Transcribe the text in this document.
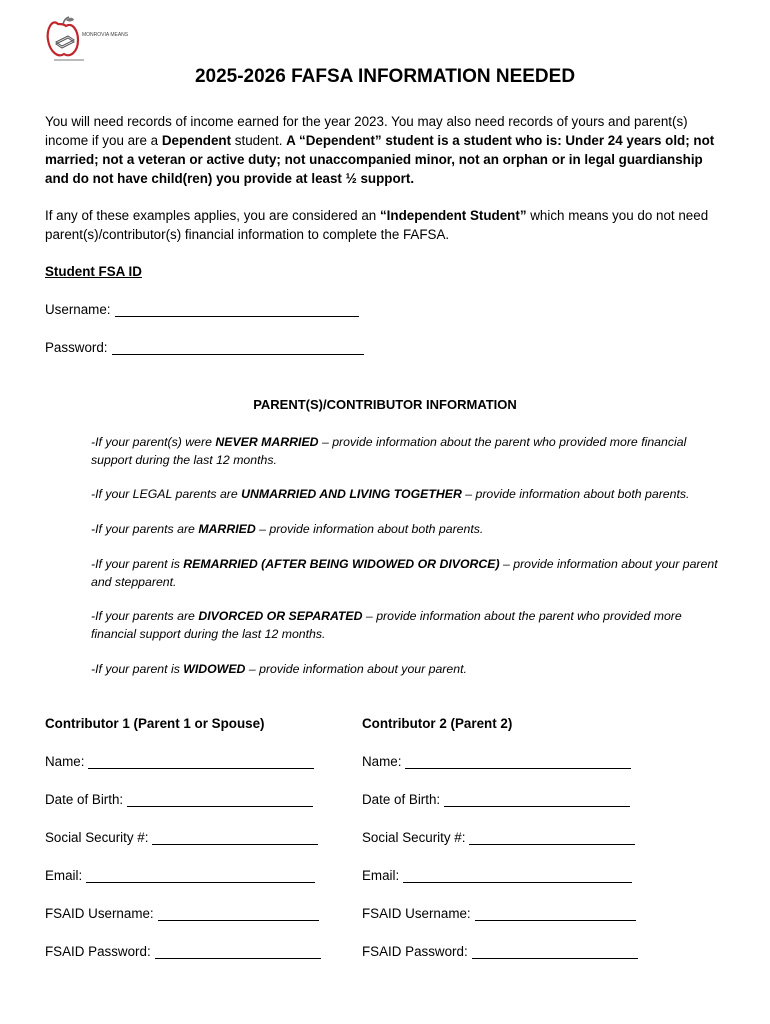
MONROVIA MEANS
2025-2026 FAFSA INFORMATION NEEDED
You will need records of income earned for the year 2023. You may also need records of yours and parent(s) income if you are a Dependent student. A “Dependent” student is a student who is: Under 24 years old; not married; not a veteran or active duty; not unaccompanied minor, not an orphan or in legal guardianship and do not have child(ren) you provide at least ½ support.
If any of these examples applies, you are considered an “Independent Student” which means you do not need parent(s)/contributor(s) financial information to complete the FAFSA.
Student FSA ID
Username:
Password:
PARENT(S)/CONTRIBUTOR INFORMATION
-If your parent(s) were NEVER MARRIED – provide information about the parent who provided more financial support during the last 12 months.
-If your LEGAL parents are UNMARRIED AND LIVING TOGETHER – provide information about both parents.
-If your parents are MARRIED – provide information about both parents.
-If your parent is REMARRIED (AFTER BEING WIDOWED OR DIVORCE) – provide information about your parent and stepparent.
-If your parents are DIVORCED OR SEPARATED – provide information about the parent who provided more financial support during the last 12 months.
-If your parent is WIDOWED – provide information about your parent.
Contributor 1 (Parent 1 or Spouse)
Name:
Date of Birth:
Social Security #:
Email:
FSAID Username:
FSAID Password:
Contributor 2 (Parent 2)
Name:
Date of Birth:
Social Security #:
Email:
FSAID Username:
FSAID Password:
